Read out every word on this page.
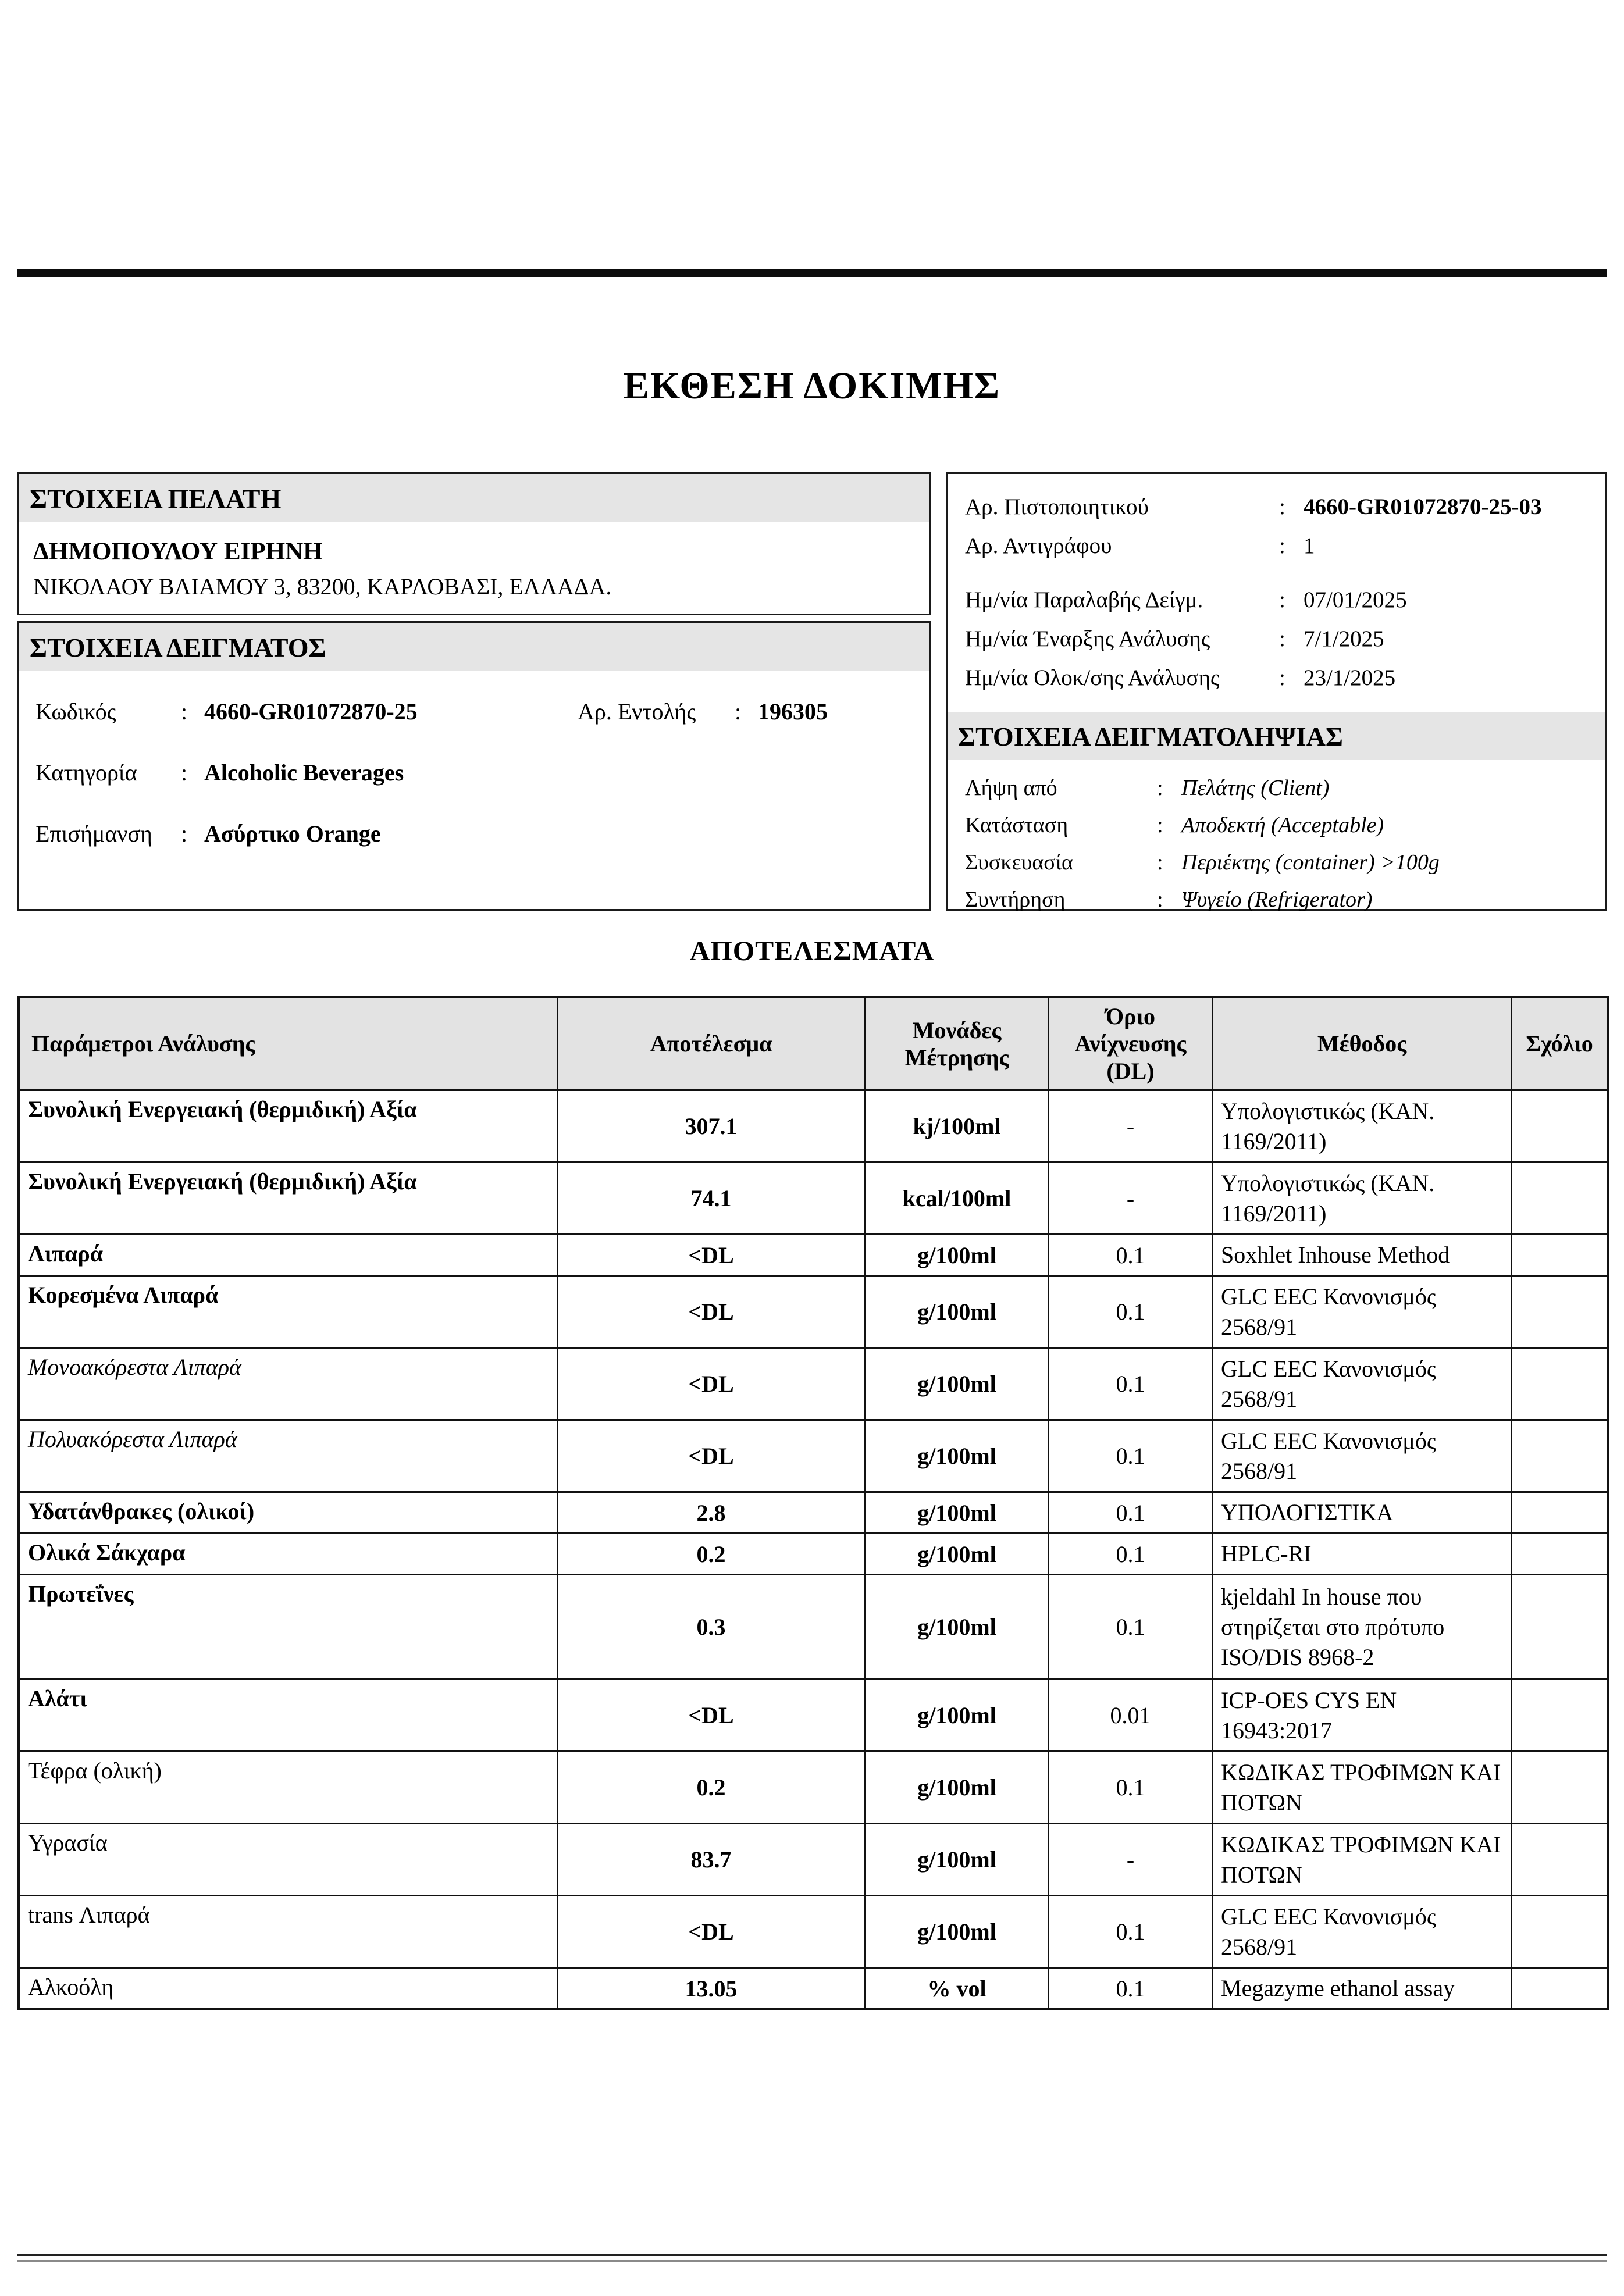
ΕΚΘΕΣΗ ΔΟΚΙΜΗΣ
ΣΤΟΙΧΕΙΑ ΠΕΛΑΤΗ
ΔΗΜΟΠΟΥΛΟΥ ΕΙΡΗΝΗ
ΝΙΚΟΛΑΟΥ ΒΛΙΑΜΟΥ 3, 83200, ΚΑΡΛΟΒΑΣΙ, ΕΛΛΑΔΑ.
ΣΤΟΙΧΕΙΑ ΔΕΙΓΜΑΤΟΣ
Κωδικός	: 4660-GR01072870-25	Αρ. Εντολής	: 196305
Κατηγορία	: Alcoholic Beverages
Επισήμανση	: Ασύρτικο Orange
Αρ. Πιστοποιητικού	: 4660-GR01072870-25-03
Αρ. Αντιγράφου	: 1
Ημ/νία Παραλαβής Δείγμ.	: 07/01/2025
Ημ/νία Έναρξης Ανάλυσης	: 7/1/2025
Ημ/νία Ολοκ/σης Ανάλυσης	: 23/1/2025
ΣΤΟΙΧΕΙΑ ΔΕΙΓΜΑΤΟΛΗΨΙΑΣ
Λήψη από	: Πελάτης (Client)
Κατάσταση	: Αποδεκτή (Acceptable)
Συσκευασία	: Περιέκτης (container) >100g
Συντήρηση	: Ψυγείο (Refrigerator)
ΑΠΟΤΕΛΕΣΜΑΤΑ
Παράμετροι Ανάλυσης	Αποτέλεσμα	Μονάδες Μέτρησης	Όριο Ανίχνευσης (DL)	Μέθοδος	Σχόλιο
Συνολική Ενεργειακή (θερμιδική) Αξία	307.1	kj/100ml	-	Υπολογιστικώς (ΚΑΝ. 1169/2011)	
Συνολική Ενεργειακή (θερμιδική) Αξία	74.1	kcal/100ml	-	Υπολογιστικώς (ΚΑΝ. 1169/2011)	
Λιπαρά	<DL	g/100ml	0.1	Soxhlet Inhouse Method	
Κορεσμένα Λιπαρά	<DL	g/100ml	0.1	GLC EEC Κανονισμός 2568/91	
Μονοακόρεστα Λιπαρά	<DL	g/100ml	0.1	GLC EEC Κανονισμός 2568/91	
Πολυακόρεστα Λιπαρά	<DL	g/100ml	0.1	GLC EEC Κανονισμός 2568/91	
Υδατάνθρακες (ολικοί)	2.8	g/100ml	0.1	ΥΠΟΛΟΓΙΣΤΙΚΑ	
Ολικά Σάκχαρα	0.2	g/100ml	0.1	HPLC-RI	
Πρωτεΐνες	0.3	g/100ml	0.1	kjeldahl In house που στηρίζεται στο πρότυπο ISO/DIS 8968-2	
Αλάτι	<DL	g/100ml	0.01	ICP-OES CYS EN 16943:2017	
Τέφρα (ολική)	0.2	g/100ml	0.1	ΚΩΔΙΚΑΣ ΤΡΟΦΙΜΩΝ ΚΑΙ ΠΟΤΩΝ	
Υγρασία	83.7	g/100ml	-	ΚΩΔΙΚΑΣ ΤΡΟΦΙΜΩΝ ΚΑΙ ΠΟΤΩΝ	
trans Λιπαρά	<DL	g/100ml	0.1	GLC EEC Κανονισμός 2568/91	
Αλκοόλη	13.05	% vol	0.1	Megazyme ethanol assay	
